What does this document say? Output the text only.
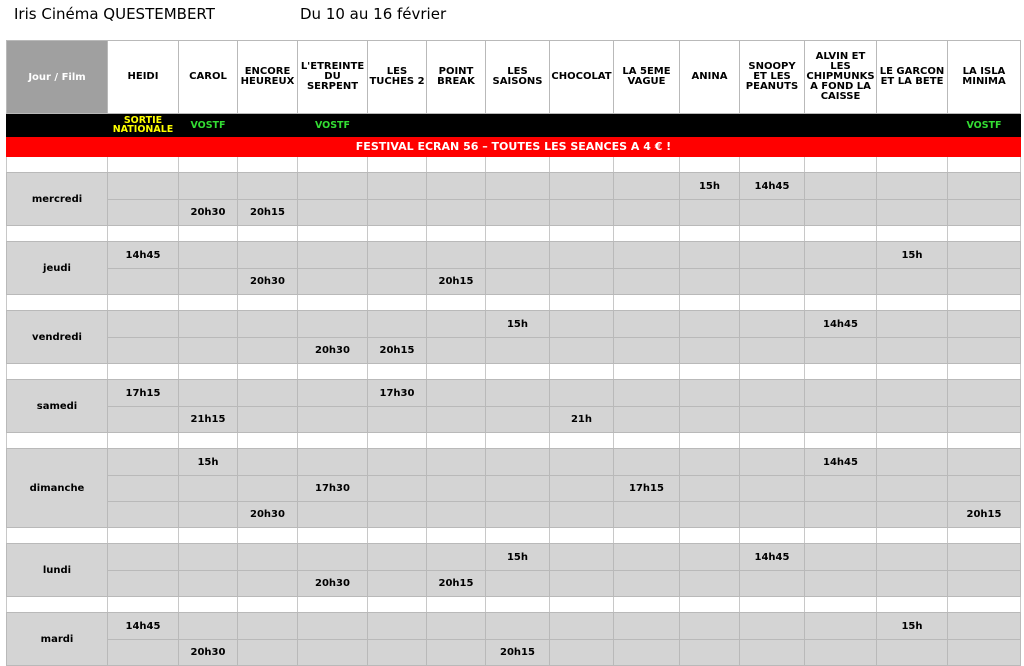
Iris Cinéma QUESTEMBERT	Du 10 au 16 février
Jour / Film	HEIDI	CAROL	ENCORE HEUREUX	L'ETREINTE DU SERPENT	LES TUCHES 2	POINT BREAK	LES SAISONS	CHOCOLAT	LA 5EME VAGUE	ANINA	SNOOPY ET LES PEANUTS	ALVIN ET LES CHIPMUNKS A FOND LA CAISSE	LE GARCON ET LA BETE	LA ISLA MINIMA
	SORTIE NATIONALE	VOSTF		VOSTF										VOSTF
FESTIVAL ECRAN 56 – TOUTES LES SEANCES A 4 € !														

mercredi										15h	14h45			
		20h30	20h15											

jeudi	14h45												15h	
			20h30			20h15								

vendredi							15h					14h45		
				20h30	20h15									

samedi	17h15				17h30									
		21h15						21h						

dimanche		15h										14h45		
				17h30					17h15					
			20h30											20h15

lundi							15h				14h45			
				20h30		20h15								

mardi	14h45												15h	
		20h30					20h15							
